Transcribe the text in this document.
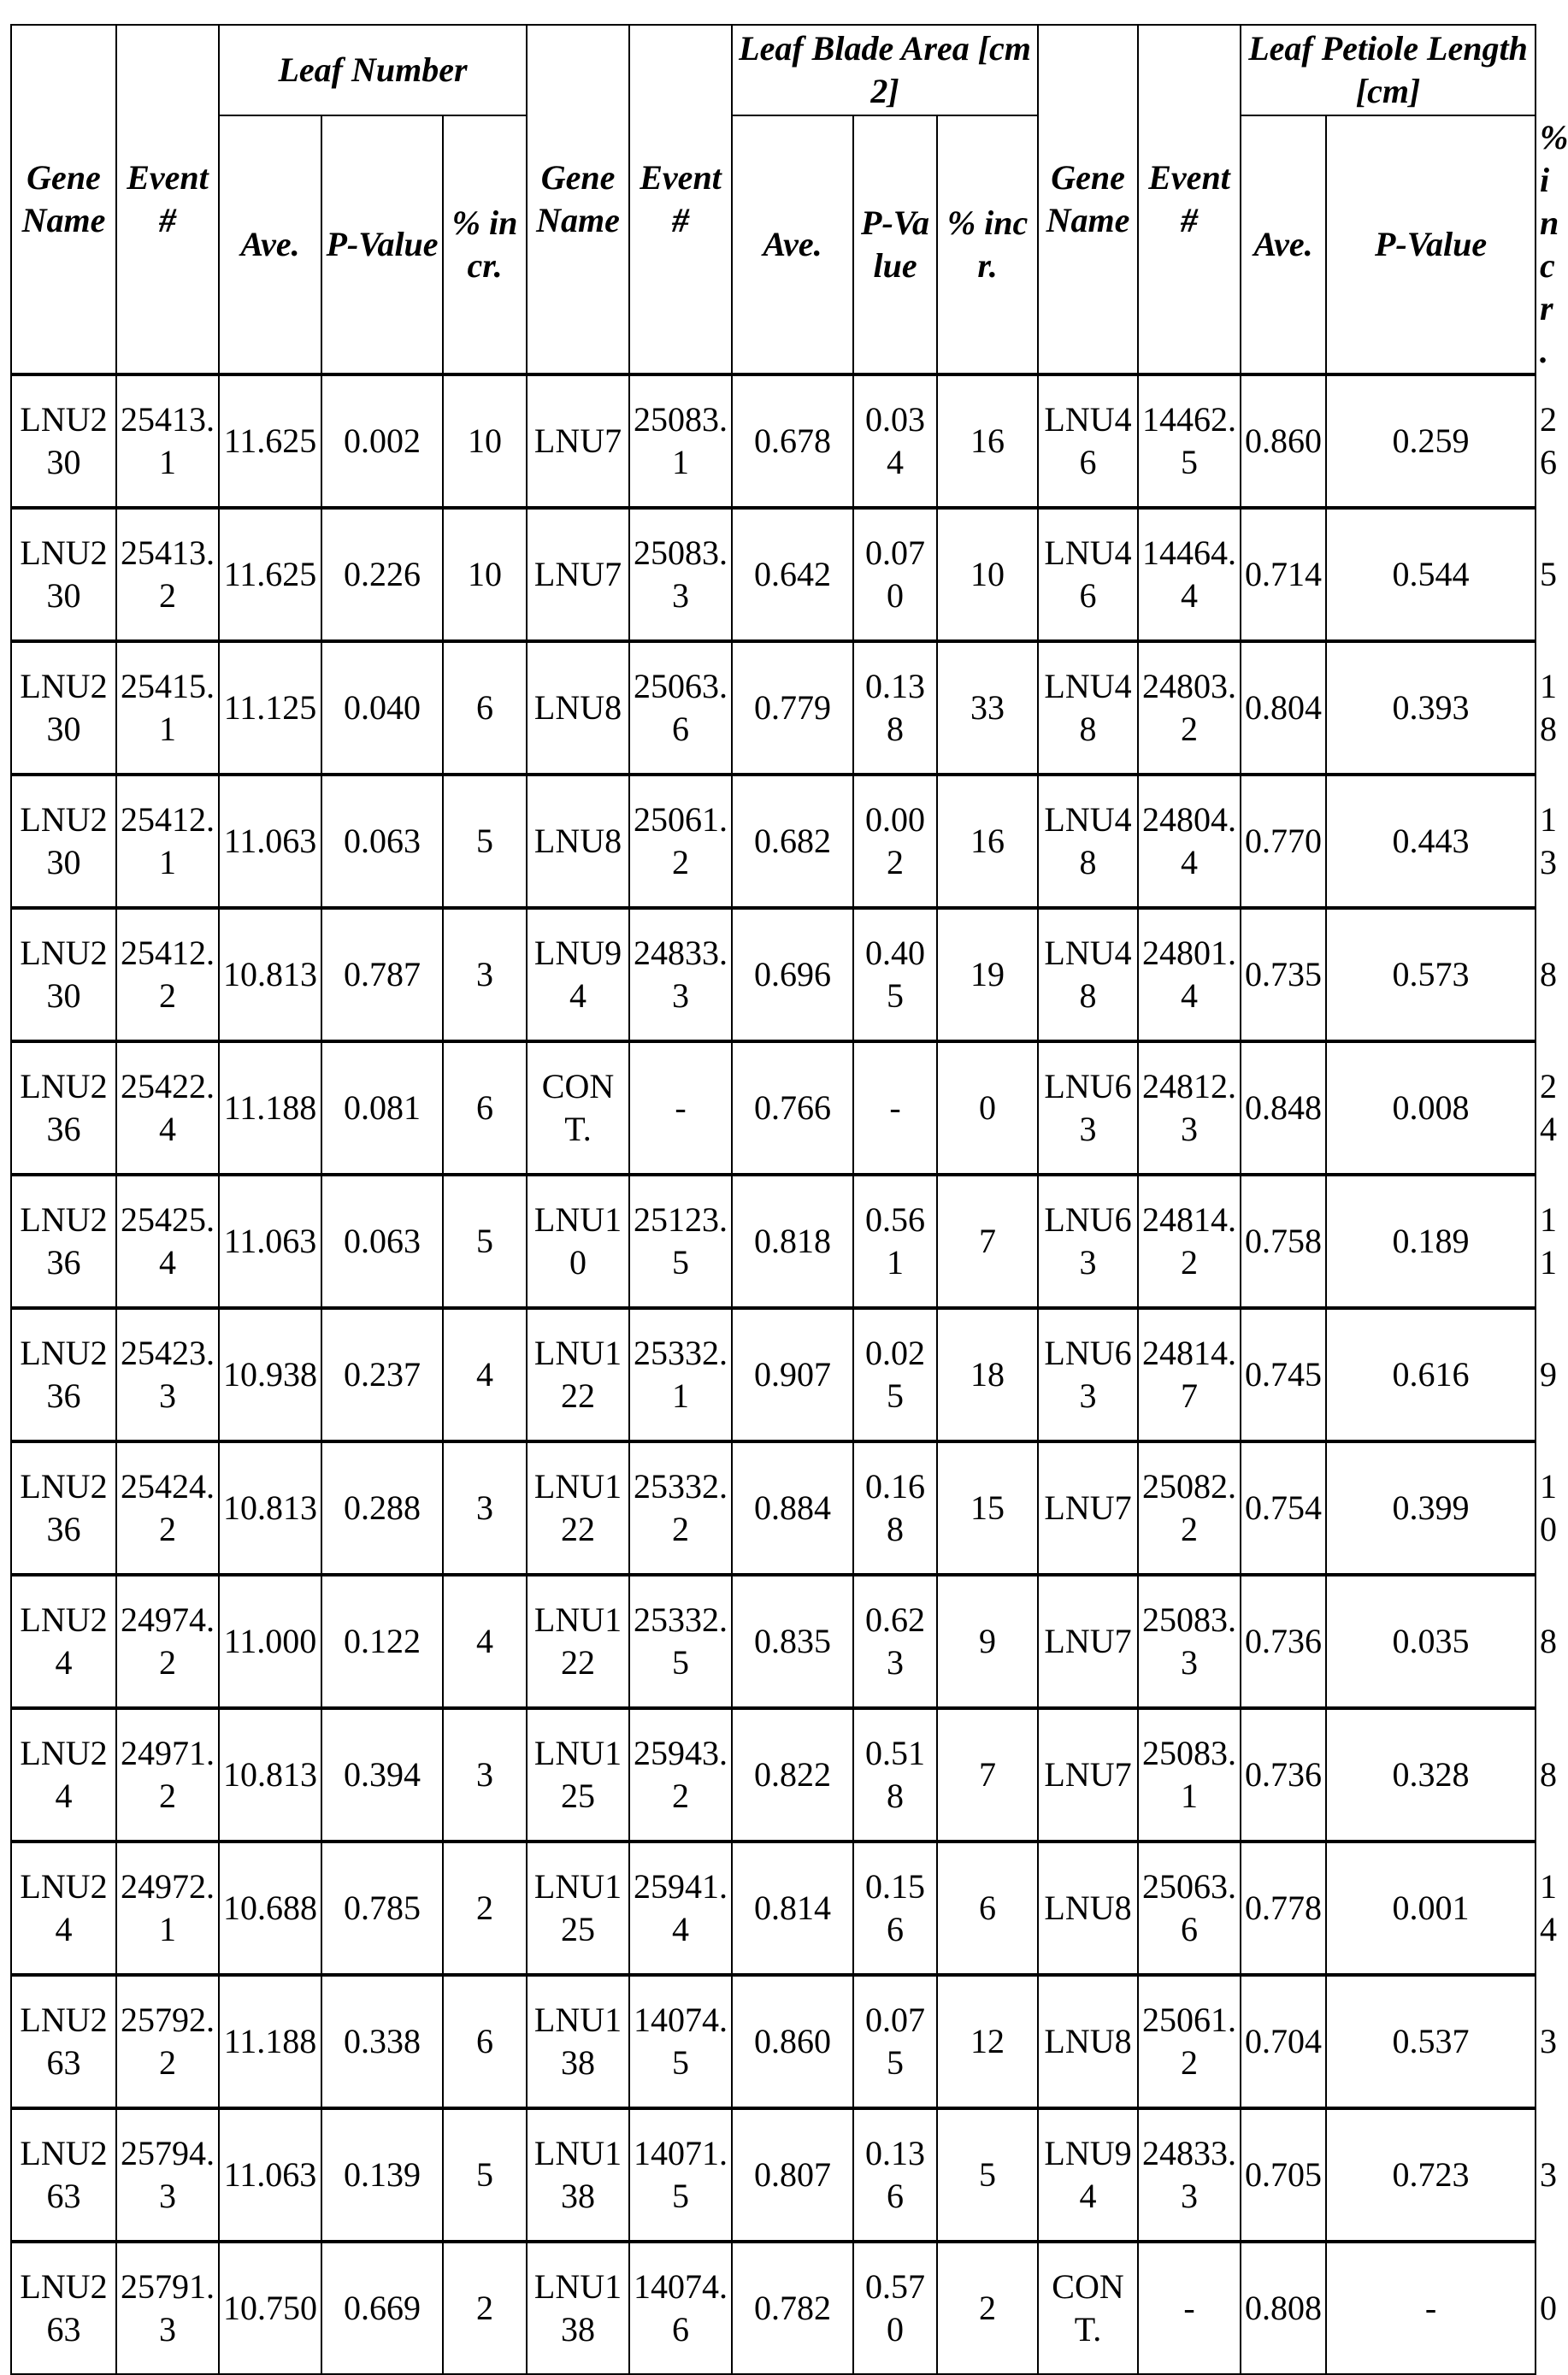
Gene Name	Event #	Leaf Number			Gene Name	Event #	Leaf Blade Area [cm2]			Gene Name	Event #	Leaf Petiole Length [cm]		
		Ave.	P-Value	% incr.			Ave.	P-Value	% incr.			Ave.	P-Value	% incr.
LNU230	25413.1	11.625	0.002	10	LNU7	25083.1	0.678	0.034	16	LNU46	14462.5	0.860	0.259	26
LNU230	25413.2	11.625	0.226	10	LNU7	25083.3	0.642	0.070	10	LNU46	14464.4	0.714	0.544	5
LNU230	25415.1	11.125	0.040	6	LNU8	25063.6	0.779	0.138	33	LNU48	24803.2	0.804	0.393	18
LNU230	25412.1	11.063	0.063	5	LNU8	25061.2	0.682	0.002	16	LNU48	24804.4	0.770	0.443	13
LNU230	25412.2	10.813	0.787	3	LNU94	24833.3	0.696	0.405	19	LNU48	24801.4	0.735	0.573	8
LNU236	25422.4	11.188	0.081	6	CONT.	-	0.766	-	0	LNU63	24812.3	0.848	0.008	24
LNU236	25425.4	11.063	0.063	5	LNU10	25123.5	0.818	0.561	7	LNU63	24814.2	0.758	0.189	11
LNU236	25423.3	10.938	0.237	4	LNU122	25332.1	0.907	0.025	18	LNU63	24814.7	0.745	0.616	9
LNU236	25424.2	10.813	0.288	3	LNU122	25332.2	0.884	0.168	15	LNU7	25082.2	0.754	0.399	10
LNU24	24974.2	11.000	0.122	4	LNU122	25332.5	0.835	0.623	9	LNU7	25083.3	0.736	0.035	8
LNU24	24971.2	10.813	0.394	3	LNU125	25943.2	0.822	0.518	7	LNU7	25083.1	0.736	0.328	8
LNU24	24972.1	10.688	0.785	2	LNU125	25941.4	0.814	0.156	6	LNU8	25063.6	0.778	0.001	14
LNU263	25792.2	11.188	0.338	6	LNU138	14074.5	0.860	0.075	12	LNU8	25061.2	0.704	0.537	3
LNU263	25794.3	11.063	0.139	5	LNU138	14071.5	0.807	0.136	5	LNU94	24833.3	0.705	0.723	3
LNU263	25791.3	10.750	0.669	2	LNU138	14074.6	0.782	0.570	2	CONT.	-	0.808	-	0
